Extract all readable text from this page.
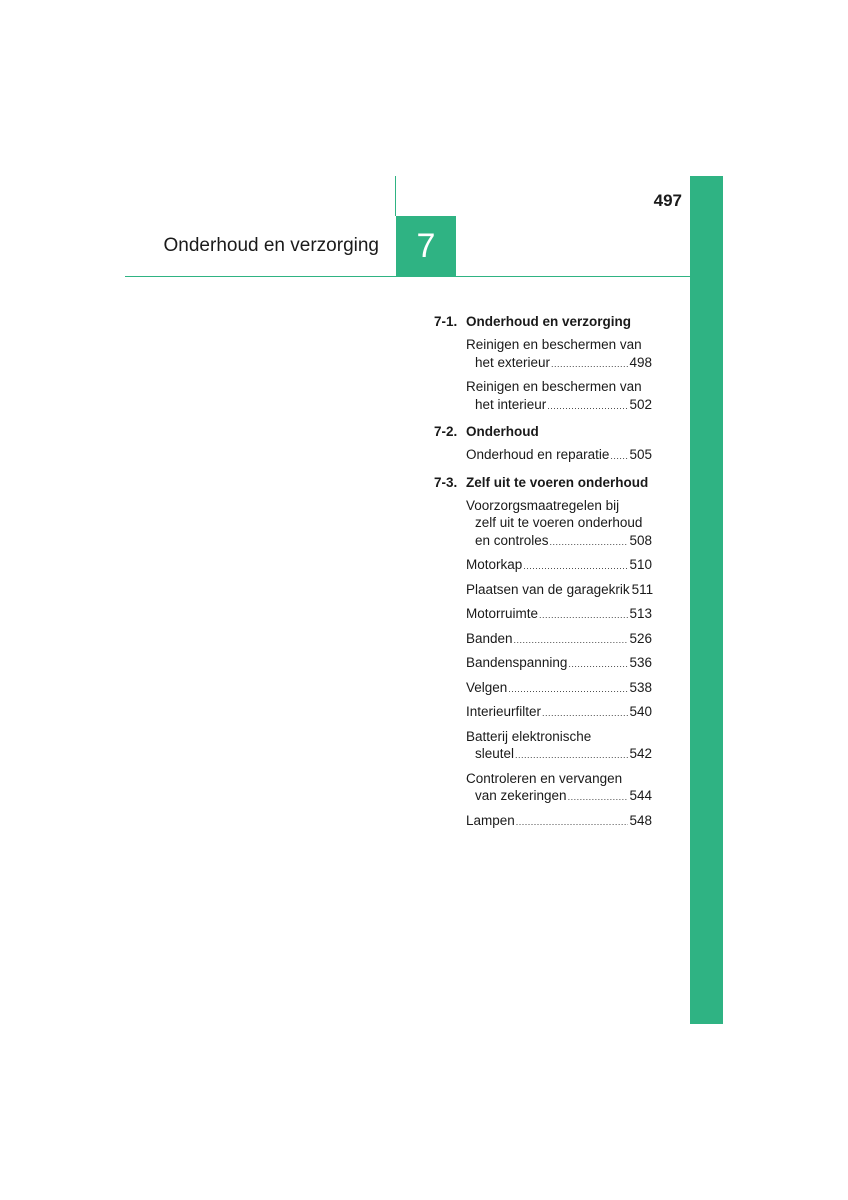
7
Onderhoud en verzorging
497
7-1. Onderhoud en verzorging
Reinigen en beschermen van
het exterieur .....	498
Reinigen en beschermen van
het interieur .....	502
7-2. Onderhoud
Onderhoud en reparatie ..... 505
7-3. Zelf uit te voeren onderhoud
Voorzorgsmaatregelen bij
zelf uit te voeren onderhoud
en controles .....	508
Motorkap .....	510
Plaatsen van de garagekrik 511
Motorruimte .....	513
Banden .....	526
Bandenspanning .....	536
Velgen .....	538
Interieurfilter .....	540
Batterij elektronische
sleutel .....	542
Controleren en vervangen
van zekeringen .....	544
Lampen .....	548
